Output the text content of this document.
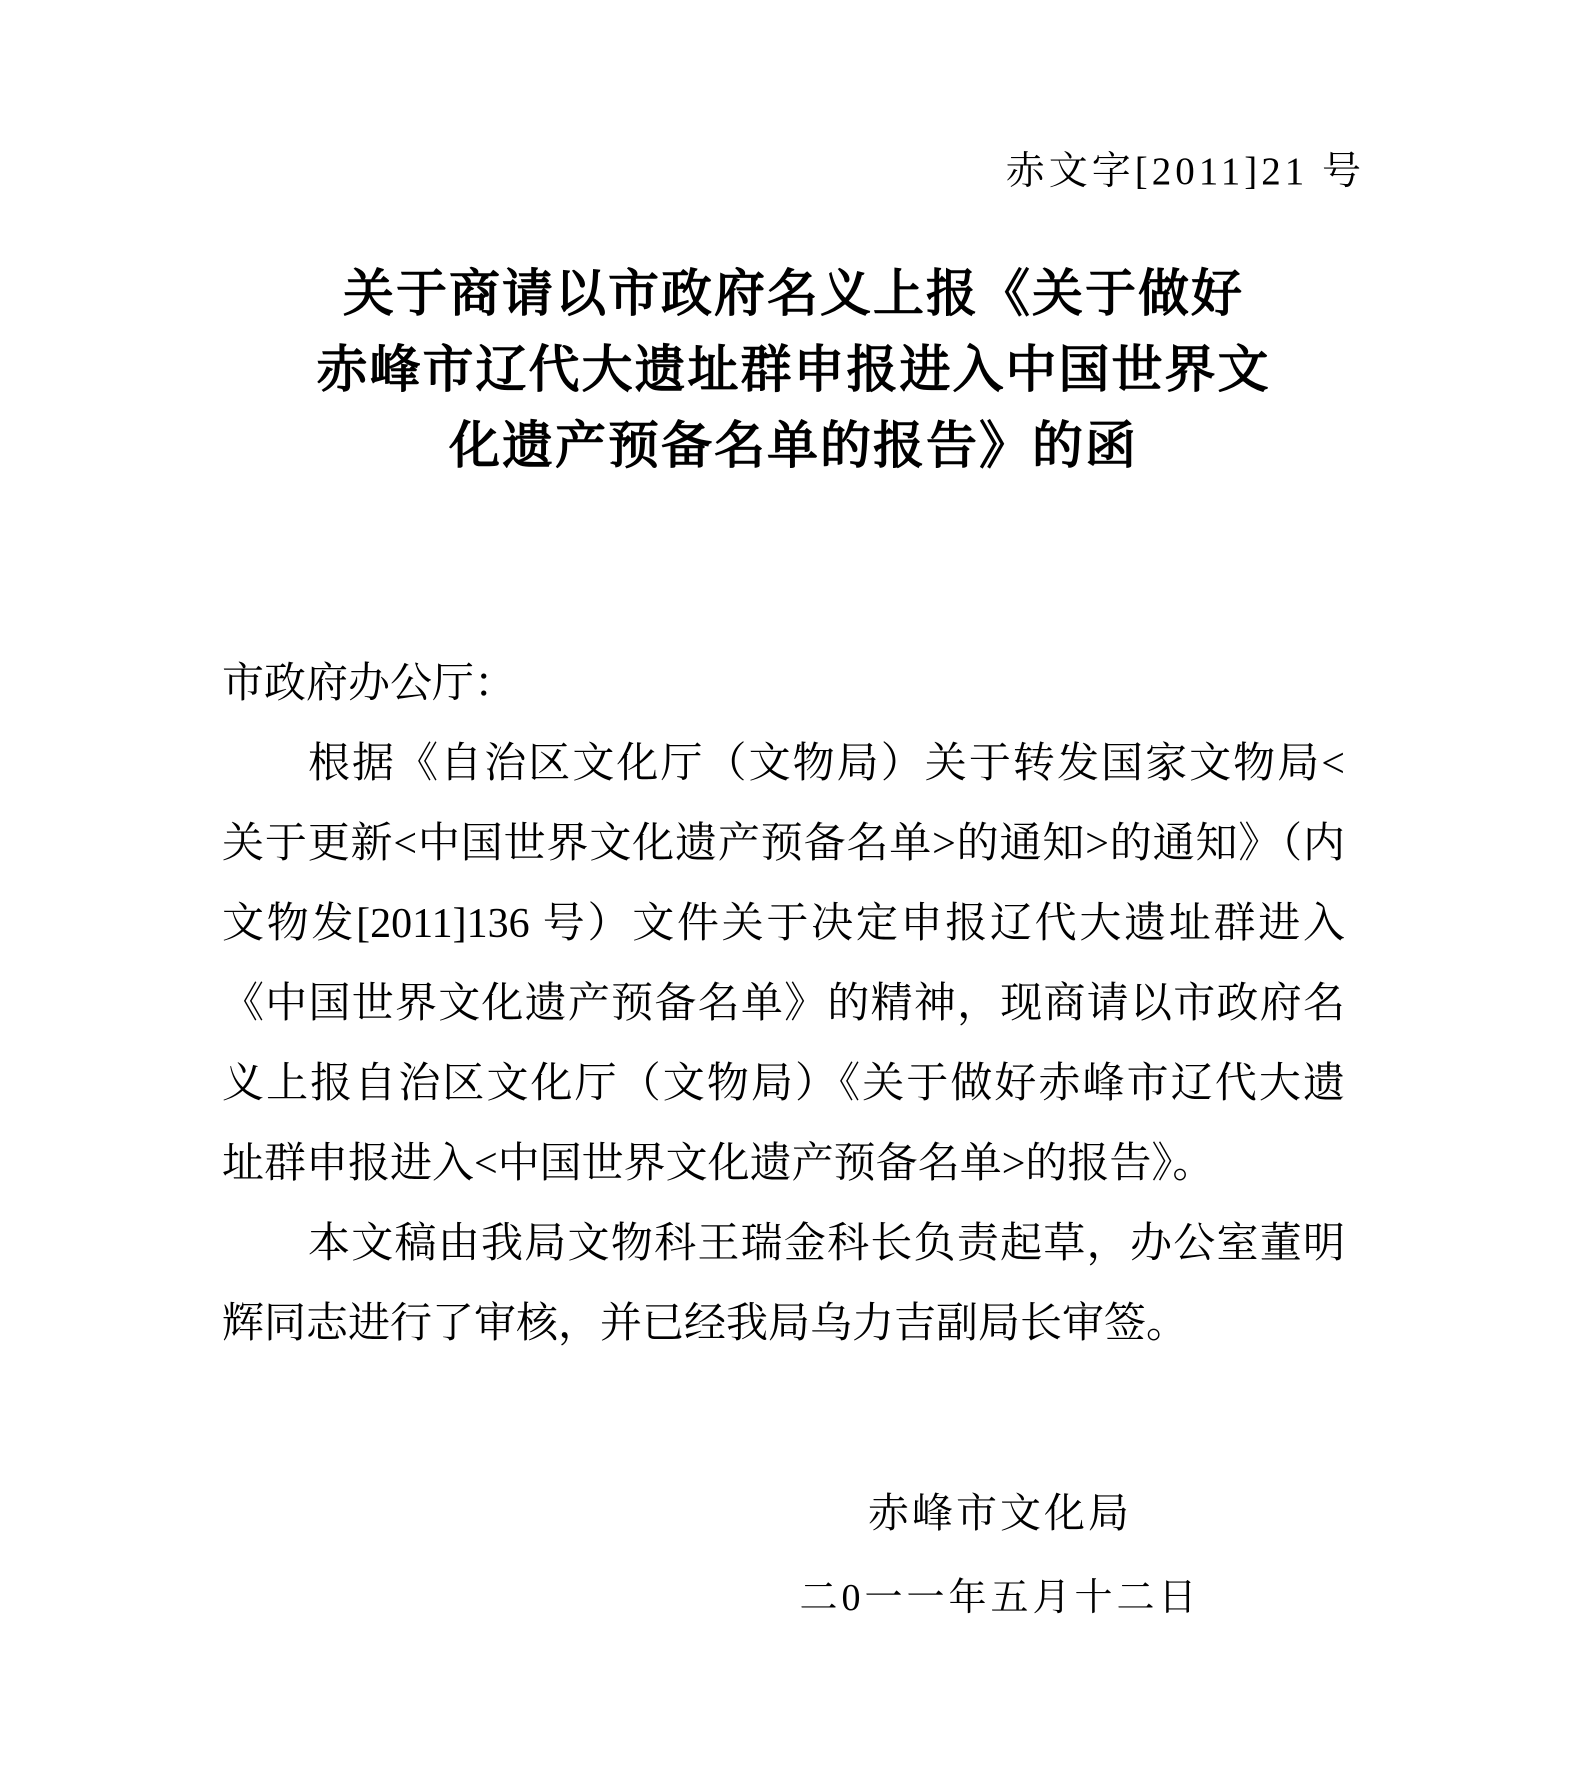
赤文字[2011]21 号
关于商请以市政府名义上报《关于做好
赤峰市辽代大遗址群申报进入中国世界文
化遗产预备名单的报告》的函
市政府办公厅：
根据《自治区文化厅（文物局）关于转发国家文物局<
关于更新<中国世界文化遗产预备名单>的通知>的通知》（内
文物发[2011]136 号）文件关于决定申报辽代大遗址群进入
《中国世界文化遗产预备名单》的精神，现商请以市政府名
义上报自治区文化厅（文物局）《关于做好赤峰市辽代大遗
址群申报进入<中国世界文化遗产预备名单>的报告》。
本文稿由我局文物科王瑞金科长负责起草，办公室董明
辉同志进行了审核，并已经我局乌力吉副局长审签。
赤峰市文化局
二0一一年五月十二日
